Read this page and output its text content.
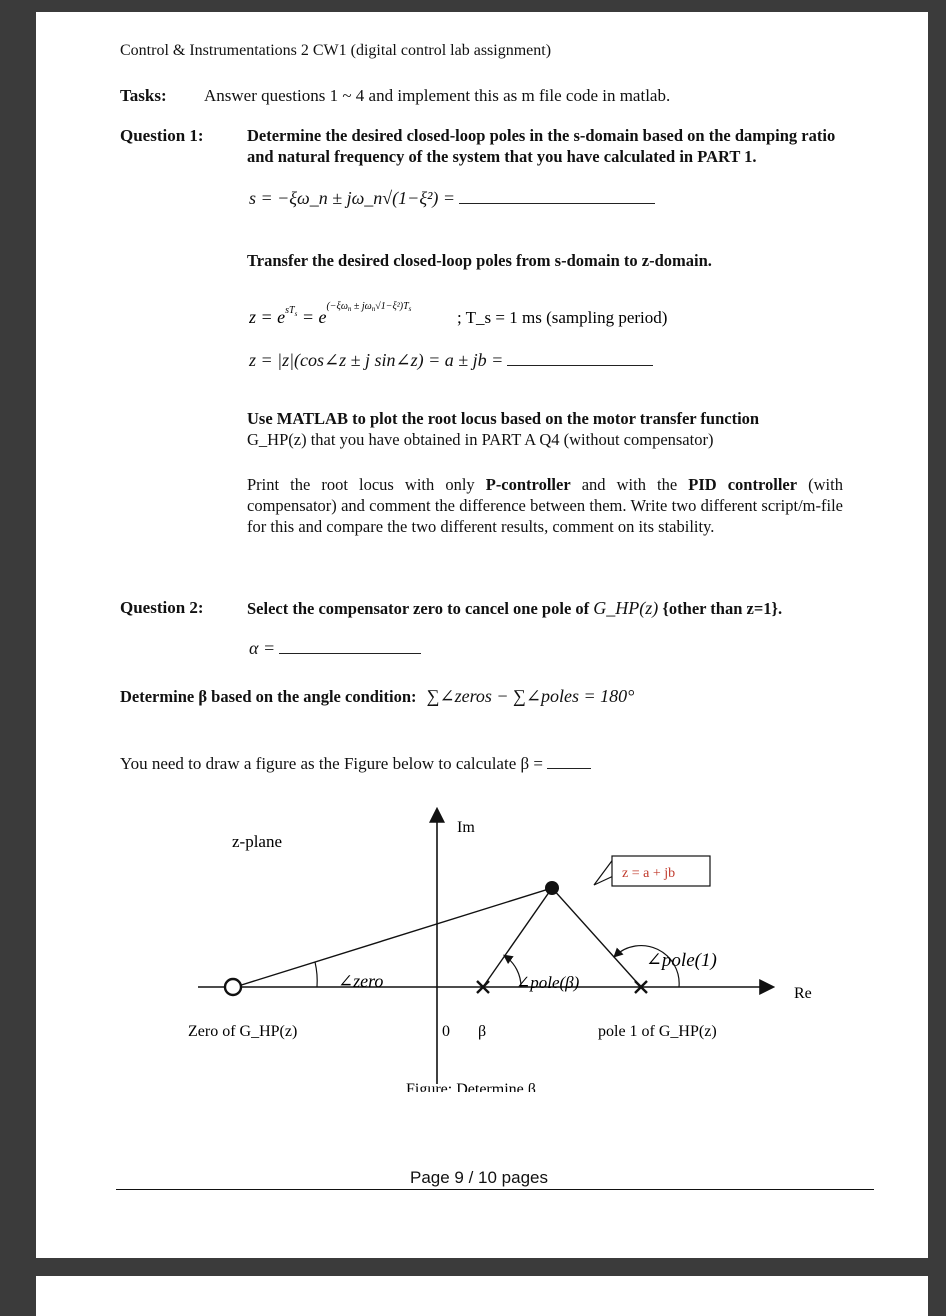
Control & Instrumentations 2 CW1 (digital control lab assignment)
Tasks: Answer questions 1 ~ 4 and implement this as m file code in matlab.
Question 1:	Determine the desired closed-loop poles in the s-domain based on the damping ratio and natural frequency of the system that you have calculated in PART 1.
s = −ξω_n ± jω_n√(1−ξ²) =
Transfer the desired closed-loop poles from s-domain to z-domain.
$z = e^{sT}s = e^{(-\xi\omega}n \pm j\omega n√1-\xi^2)Ts$	; T_s = 1 ms (sampling period)
z = |z|(cos∠z ± j sin∠z) = a ± jb =
Use MATLAB to plot the root locus based on the motor transfer function
G_HP(z) that you have obtained in PART A Q4 (without compensator)
Print the root locus with only P-controller and with the PID controller (with compensator) and comment the difference between them. Write two different script/m-file for this and compare the two different results, comment on its stability.
Question 2:	Select the compensator zero to cancel one pole of G_HP(z) {other than z=1}.
α =
Determine β based on the angle condition: ∑∠zeros − ∑∠poles = 180°
You need to draw a figure as the Figure below to calculate β =
z-plane
Re
Im
z = a + jb
∠zero	∠pole(β)
∠pole(1)
Zero of G_HP(z)	0 β	pole 1 of G_HP(z)
Figure: Determine β
Page 9 / 10 pages
